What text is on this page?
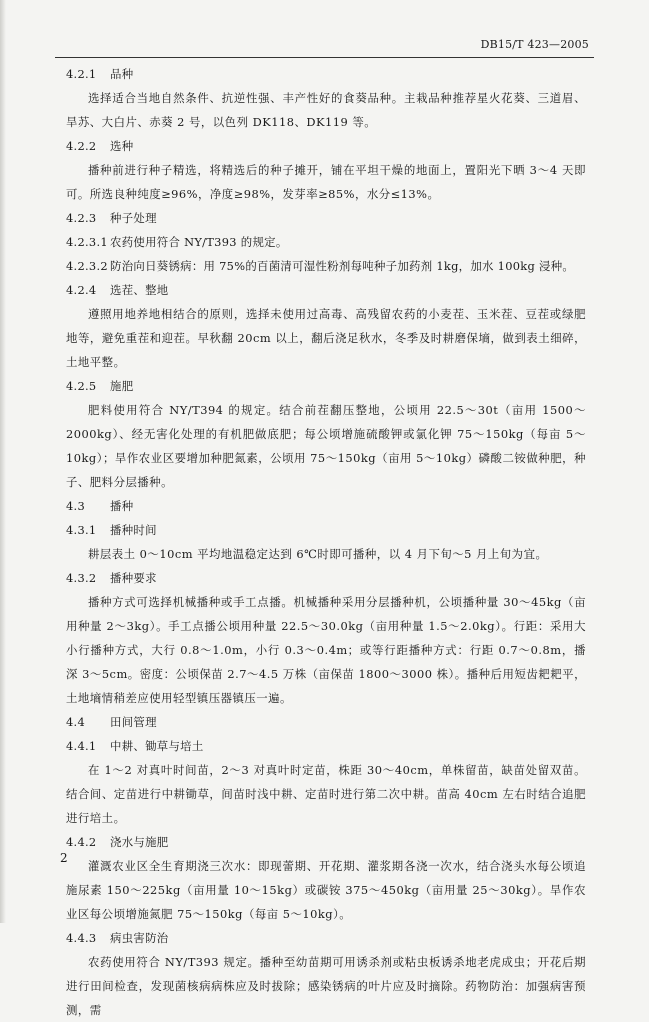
DB15/T 423—2005
4.2.1 品种
选择适合当地自然条件、抗逆性强、丰产性好的食葵品种。主栽品种推荐星火花葵、三道眉、旱苏、大白片、赤葵 2 号，以色列 DK118、DK119 等。
4.2.2 选种
播种前进行种子精选，将精选后的种子摊开，铺在平坦干燥的地面上，置阳光下晒 3～4 天即可。所选良种纯度≥96%，净度≥98%，发芽率≥85%，水分≤13%。
4.2.3 种子处理
4.2.3.1 农药使用符合 NY/T393 的规定。
4.2.3.2 防治向日葵锈病：用 75%的百菌清可湿性粉剂每吨种子加药剂 1kg，加水 100kg 浸种。
4.2.4 选茬、整地
遵照用地养地相结合的原则，选择未使用过高毒、高残留农药的小麦茬、玉米茬、豆茬或绿肥地等，避免重茬和迎茬。早秋翻 20cm 以上，翻后浇足秋水，冬季及时耕磨保墒，做到表土细碎，土地平整。
4.2.5 施肥
肥料使用符合 NY/T394 的规定。结合前茬翻压整地，公顷用 22.5～30t（亩用 1500～2000kg）、经无害化处理的有机肥做底肥；每公顷增施硫酸钾或氯化钾 75～150kg（每亩 5～10kg）；旱作农业区要增加种肥氮素，公顷用 75～150kg（亩用 5～10kg）磷酸二铵做种肥，种子、肥料分层播种。
4.3 播种
4.3.1 播种时间
耕层表土 0～10cm 平均地温稳定达到 6℃时即可播种，以 4 月下旬～5 月上旬为宜。
4.3.2 播种要求
播种方式可选择机械播种或手工点播。机械播种采用分层播种机，公顷播种量 30～45kg（亩用种量 2～3kg）。手工点播公顷用种量 22.5～30.0kg（亩用种量 1.5～2.0kg）。行距：采用大小行播种方式，大行 0.8～1.0m，小行 0.3～0.4m；或等行距播种方式：行距 0.7～0.8m，播深 3～5cm。密度：公顷保苗 2.7～4.5 万株（亩保苗 1800～3000 株）。播种后用短齿耙耙平，土地墒情稍差应使用轻型镇压器镇压一遍。
4.4 田间管理
4.4.1 中耕、锄草与培土
在 1～2 对真叶时间苗，2～3 对真叶时定苗，株距 30～40cm，单株留苗，缺苗处留双苗。结合间、定苗进行中耕锄草，间苗时浅中耕、定苗时进行第二次中耕。苗高 40cm 左右时结合追肥进行培土。
4.4.2 浇水与施肥
灌溉农业区全生育期浇三次水：即现蕾期、开花期、灌浆期各浇一次水，结合浇头水每公顷追施尿素 150～225kg（亩用量 10～15kg）或碳铵 375～450kg（亩用量 25～30kg）。旱作农业区每公顷增施氮肥 75～150kg（每亩 5～10kg）。
4.4.3 病虫害防治
农药使用符合 NY/T393 规定。播种至幼苗期可用诱杀剂或粘虫板诱杀地老虎成虫；开花后期进行田间检查，发现菌核病病株应及时拔除；感染锈病的叶片应及时摘除。药物防治：加强病害预测，需
2
